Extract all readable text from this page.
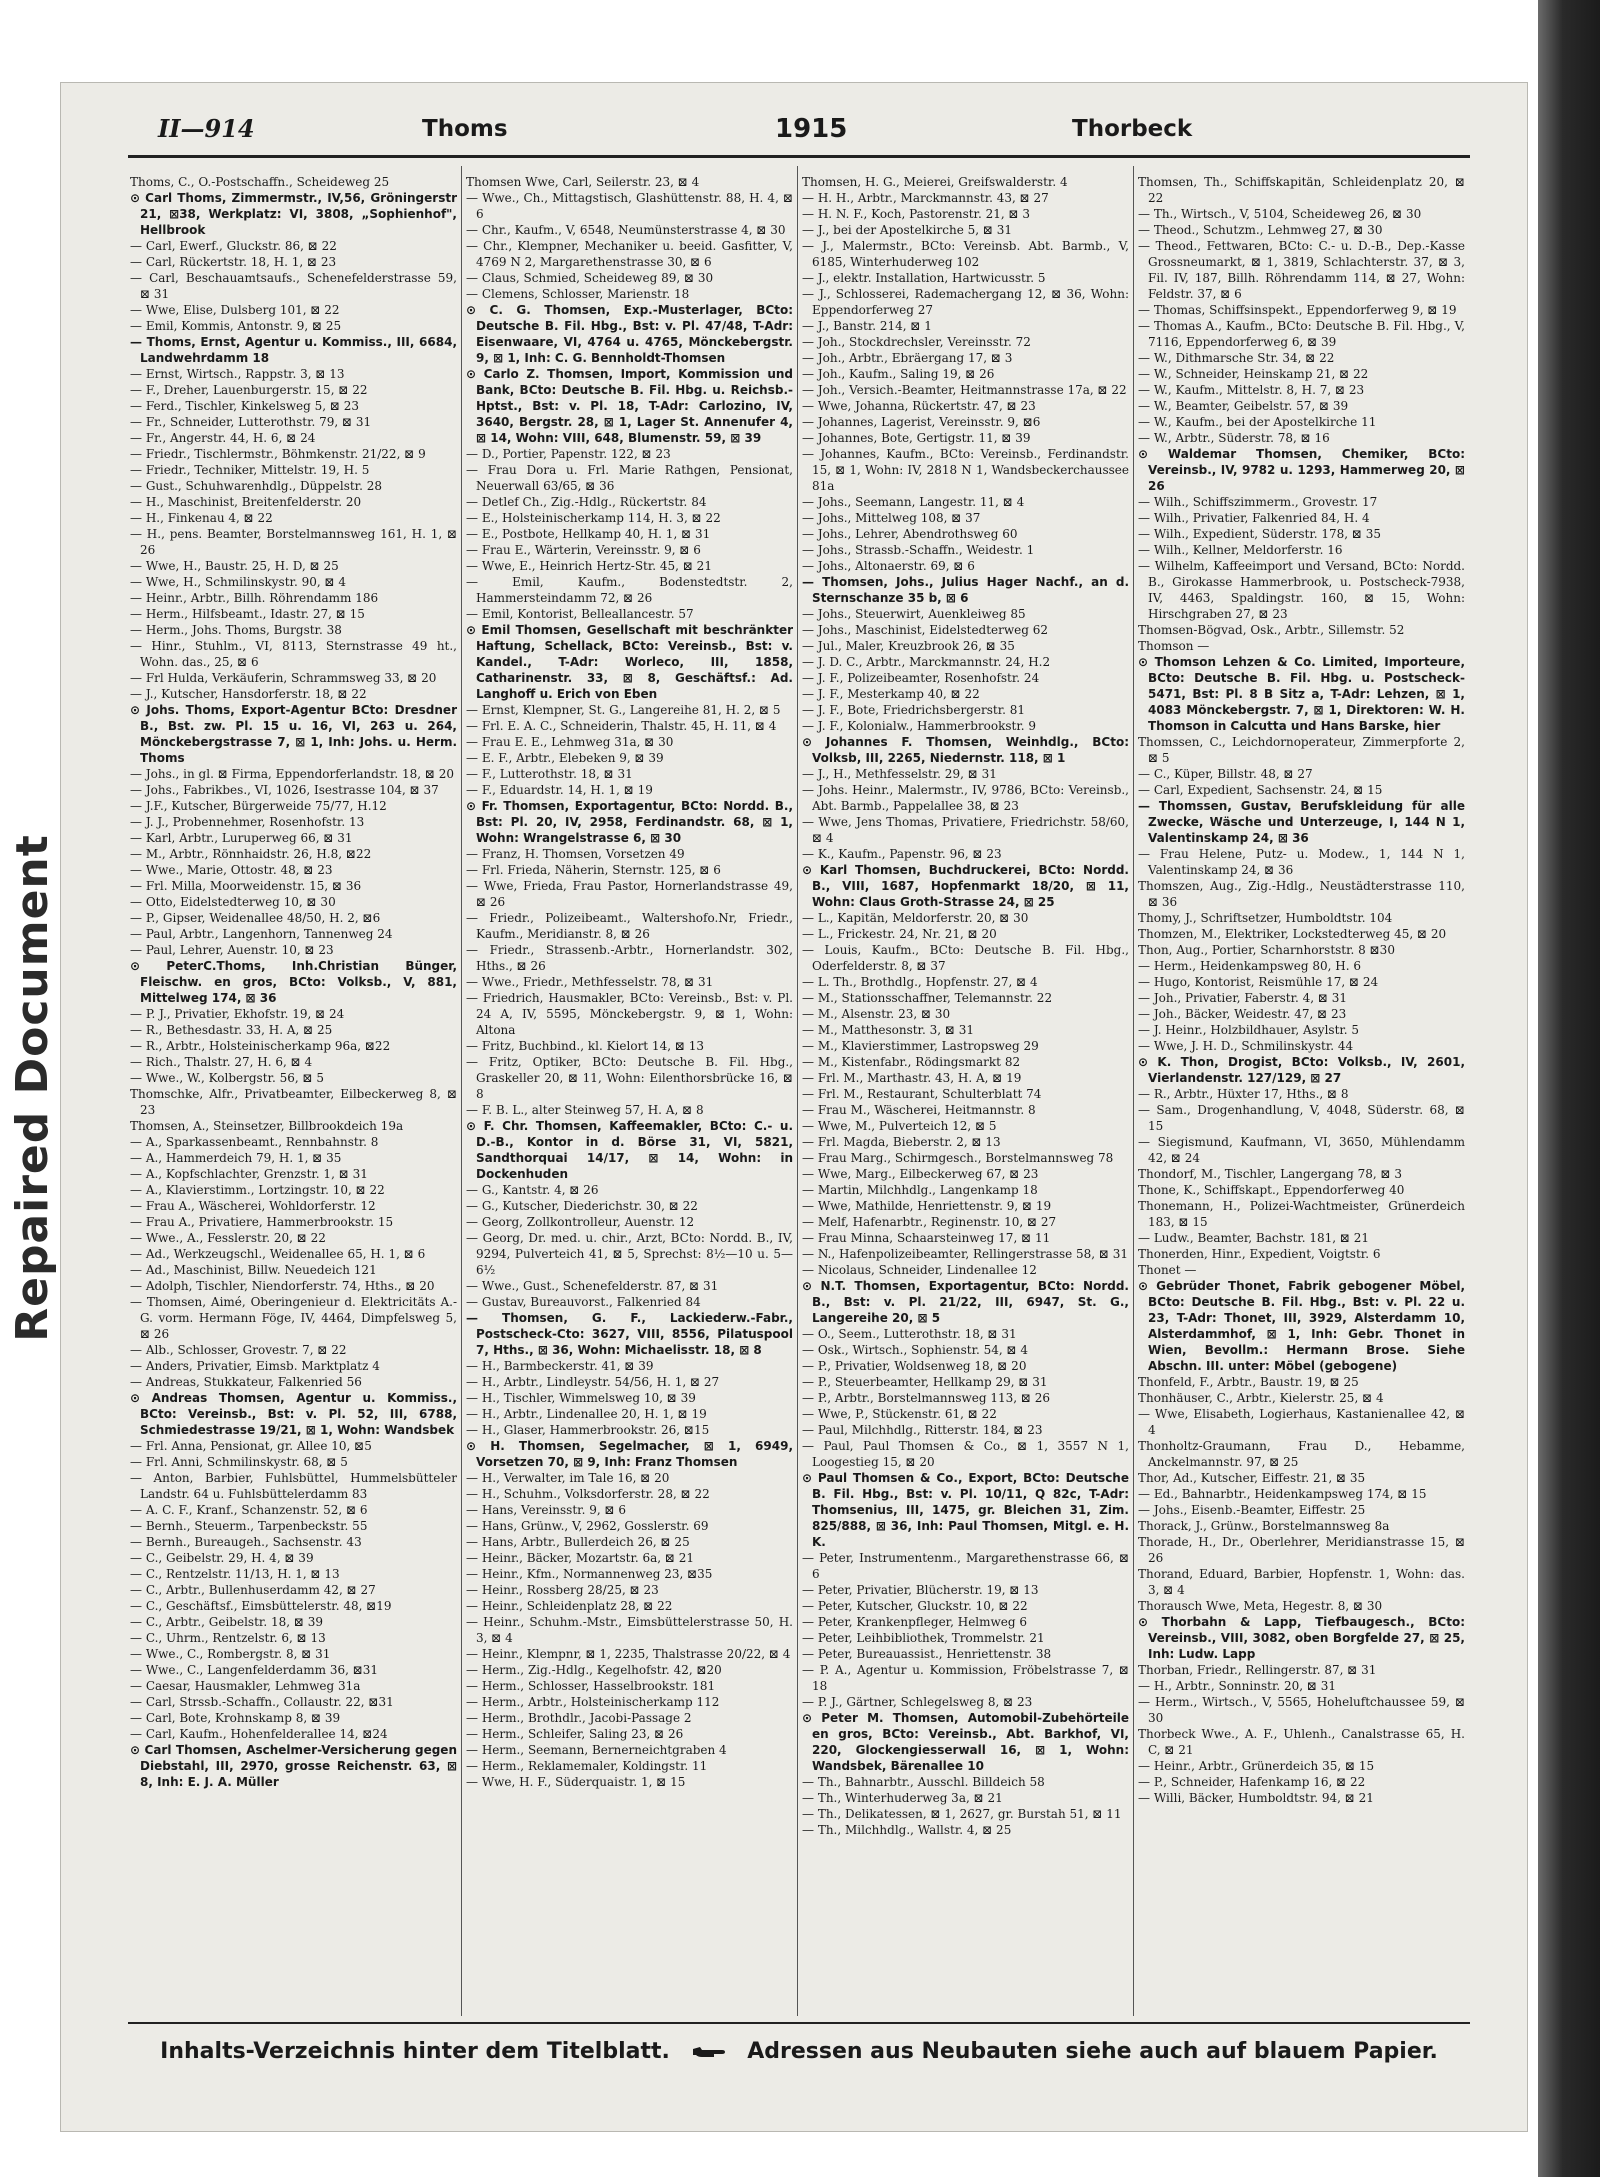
Repaired Document
II—914	Thoms	1915	Thorbeck

Thoms, C., O.-Postschaffn., Scheideweg 25

⊙ Carl Thoms, Zimmermstr., IV,56, Gröningerstr 21, ⊠38, Werkplatz: VI, 3808, „Sophienhof", Hellbrook

— Carl, Ewerf., Gluckstr. 86, ⊠ 22

— Carl, Rückertstr. 18, H. 1, ⊠ 23

— Carl, Beschauamtsaufs., Schenefelderstrasse 59, ⊠ 31

— Wwe, Elise, Dulsberg 101, ⊠ 22

— Emil, Kommis, Antonstr. 9, ⊠ 25

— Thoms, Ernst, Agentur u. Kommiss., III, 6684, Landwehrdamm 18

— Ernst, Wirtsch., Rappstr. 3, ⊠ 13

— F., Dreher, Lauenburgerstr. 15, ⊠ 22

— Ferd., Tischler, Kinkelsweg 5, ⊠ 23

— Fr., Schneider, Lutterothstr. 79, ⊠ 31

— Fr., Angerstr. 44, H. 6, ⊠ 24

— Friedr., Tischlermstr., Böhmkenstr. 21/22, ⊠ 9

— Friedr., Techniker, Mittelstr. 19, H. 5

— Gust., Schuhwarenhdlg., Düppelstr. 28

— H., Maschinist, Breitenfelderstr. 20

— H., Finkenau 4, ⊠ 22

— H., pens. Beamter, Borstelmannsweg 161, H. 1, ⊠ 26

— Wwe, H., Baustr. 25, H. D, ⊠ 25

— Wwe, H., Schmilinskystr. 90, ⊠ 4

— Heinr., Arbtr., Billh. Röhrendamm 186

— Herm., Hilfsbeamt., Idastr. 27, ⊠ 15

— Herm., Johs. Thoms, Burgstr. 38

— Hinr., Stuhlm., VI, 8113, Sternstrasse 49 ht., Wohn. das., 25, ⊠ 6

— Frl Hulda, Verkäuferin, Schrammsweg 33, ⊠ 20

— J., Kutscher, Hansdorferstr. 18, ⊠ 22

⊙ Johs. Thoms, Export-Agentur BCto: Dresdner B., Bst. zw. Pl. 15 u. 16, VI, 263 u. 264, Mönckebergstrasse 7, ⊠ 1, Inh: Johs. u. Herm. Thoms

— Johs., in gl. ⊠ Firma, Eppendorferlandstr. 18, ⊠ 20

— Johs., Fabrikbes., VI, 1026, Isestrasse 104, ⊠ 37

— J.F., Kutscher, Bürgerweide 75/77, H.12

— J. J., Probennehmer, Rosenhofstr. 13

— Karl, Arbtr., Luruperweg 66, ⊠ 31

— M., Arbtr., Rönnhaidstr. 26, H.8, ⊠22

— Wwe., Marie, Ottostr. 48, ⊠ 23

— Frl. Milla, Moorweidenstr. 15, ⊠ 36

— Otto, Eidelstedterweg 10, ⊠ 30

— P., Gipser, Weidenallee 48/50, H. 2, ⊠6

— Paul, Arbtr., Langenhorn, Tannenweg 24

— Paul, Lehrer, Auenstr. 10, ⊠ 23

⊙ PeterC.Thoms, Inh.Christian Bünger, Fleischw. en gros, BCto: Volksb., V, 881, Mittelweg 174, ⊠ 36

— P. J., Privatier, Ekhofstr. 19, ⊠ 24

— R., Bethesdastr. 33, H. A, ⊠ 25

— R., Arbtr., Holsteinischerkamp 96a, ⊠22

— Rich., Thalstr. 27, H. 6, ⊠ 4

— Wwe., W., Kolbergstr. 56, ⊠ 5

Thomschke, Alfr., Privatbeamter, Eilbeckerweg 8, ⊠ 23

Thomsen, A., Steinsetzer, Billbrookdeich 19a

— A., Sparkassenbeamt., Rennbahnstr. 8

— A., Hammerdeich 79, H. 1, ⊠ 35

— A., Kopfschlachter, Grenzstr. 1, ⊠ 31

— A., Klavierstimm., Lortzingstr. 10, ⊠ 22

— Frau A., Wäscherei, Wohldorferstr. 12

— Frau A., Privatiere, Hammerbrookstr. 15

— Wwe., A., Fesslerstr. 20, ⊠ 22

— Ad., Werkzeugschl., Weidenallee 65, H. 1, ⊠ 6

— Ad., Maschinist, Billw. Neuedeich 121

— Adolph, Tischler, Niendorferstr. 74, Hths., ⊠ 20

— Thomsen, Aimé, Oberingenieur d. Elektricitäts A.-G. vorm. Hermann Föge, IV, 4464, Dimpfelsweg 5, ⊠ 26

— Alb., Schlosser, Grovestr. 7, ⊠ 22

— Anders, Privatier, Eimsb. Marktplatz 4

— Andreas, Stukkateur, Falkenried 56

⊙ Andreas Thomsen, Agentur u. Kommiss., BCto: Vereinsb., Bst: v. Pl. 52, III, 6788, Schmiedestrasse 19/21, ⊠ 1, Wohn: Wandsbek

— Frl. Anna, Pensionat, gr. Allee 10, ⊠5

— Frl. Anni, Schmilinskystr. 68, ⊠ 5

— Anton, Barbier, Fuhlsbüttel, Hummelsbütteler Landstr. 64 u. Fuhlsbüttelerdamm 83

— A. C. F., Kranf., Schanzenstr. 52, ⊠ 6

— Bernh., Steuerm., Tarpenbeckstr. 55

— Bernh., Bureaugeh., Sachsenstr. 43

— C., Geibelstr. 29, H. 4, ⊠ 39

— C., Rentzelstr. 11/13, H. 1, ⊠ 13

— C., Arbtr., Bullenhuserdamm 42, ⊠ 27

— C., Geschäftsf., Eimsbüttelerstr. 48, ⊠19

— C., Arbtr., Geibelstr. 18, ⊠ 39

— C., Uhrm., Rentzelstr. 6, ⊠ 13

— Wwe., C., Rombergstr. 8, ⊠ 31

— Wwe., C., Langenfelderdamm 36, ⊠31

— Caesar, Hausmakler, Lehmweg 31a

— Carl, Strssb.-Schaffn., Collaustr. 22, ⊠31

— Carl, Bote, Krohnskamp 8, ⊠ 39

— Carl, Kaufm., Hohenfelderallee 14, ⊠24

⊙ Carl Thomsen, Aschelmer-Versicherung gegen Diebstahl, III, 2970, grosse Reichenstr. 63, ⊠ 8, Inh: E. J. A. Müller

Thomsen Wwe, Carl, Seilerstr. 23, ⊠ 4

— Wwe., Ch., Mittagstisch, Glashüttenstr. 88, H. 4, ⊠ 6

— Chr., Kaufm., V, 6548, Neumünsterstrasse 4, ⊠ 30

— Chr., Klempner, Mechaniker u. beeid. Gasfitter, V, 4769 N 2, Margarethenstrasse 30, ⊠ 6

— Claus, Schmied, Scheideweg 89, ⊠ 30

— Clemens, Schlosser, Marienstr. 18

⊙ C. G. Thomsen, Exp.-Musterlager, BCto: Deutsche B. Fil. Hbg., Bst: v. Pl. 47/48, T-Adr: Eisenwaare, VI, 4764 u. 4765, Mönckebergstr. 9, ⊠ 1, Inh: C. G. Bennholdt-Thomsen

⊙ Carlo Z. Thomsen, Import, Kommission und Bank, BCto: Deutsche B. Fil. Hbg. u. Reichsb.-Hptst., Bst: v. Pl. 18, T-Adr: Carlozino, IV, 3640, Bergstr. 28, ⊠ 1, Lager St. Annenufer 4, ⊠ 14, Wohn: VIII, 648, Blumenstr. 59, ⊠ 39

— D., Portier, Papenstr. 122, ⊠ 23

— Frau Dora u. Frl. Marie Rathgen, Pensionat, Neuerwall 63/65, ⊠ 36

— Detlef Ch., Zig.-Hdlg., Rückertstr. 84

— E., Holsteinischerkamp 114, H. 3, ⊠ 22

— E., Postbote, Hellkamp 40, H. 1, ⊠ 31

— Frau E., Wärterin, Vereinsstr. 9, ⊠ 6

— Wwe, E., Heinrich Hertz-Str. 45, ⊠ 21

— Emil, Kaufm., Bodenstedtstr. 2, Hammersteindamm 72, ⊠ 26

— Emil, Kontorist, Belleallancestr. 57

⊙ Emil Thomsen, Gesellschaft mit beschränkter Haftung, Schellack, BCto: Vereinsb., Bst: v. Kandel., T-Adr: Worleco, III, 1858, Catharinenstr. 33, ⊠ 8, Geschäftsf.: Ad. Langhoff u. Erich von Eben

— Ernst, Klempner, St. G., Langereihe 81, H. 2, ⊠ 5

— Frl. E. A. C., Schneiderin, Thalstr. 45, H. 11, ⊠ 4

— Frau E. E., Lehmweg 31a, ⊠ 30

— E. F., Arbtr., Elebeken 9, ⊠ 39

— F., Lutterothstr. 18, ⊠ 31

— F., Eduardstr. 14, H. 1, ⊠ 19

⊙ Fr. Thomsen, Exportagentur, BCto: Nordd. B., Bst: Pl. 20, IV, 2958, Ferdinandstr. 68, ⊠ 1, Wohn: Wrangelstrasse 6, ⊠ 30

— Franz, H. Thomsen, Vorsetzen 49

— Frl. Frieda, Näherin, Sternstr. 125, ⊠ 6

— Wwe, Frieda, Frau Pastor, Hornerlandstrasse 49, ⊠ 26

— Friedr., Polizeibeamt., Waltershofo.Nr, Friedr., Kaufm., Meridianstr. 8, ⊠ 26

— Friedr., Strassenb.-Arbtr., Hornerlandstr. 302, Hths., ⊠ 26

— Wwe., Friedr., Methfesselstr. 78, ⊠ 31

— Friedrich, Hausmakler, BCto: Vereinsb., Bst: v. Pl. 24 A, IV, 5595, Mönckebergstr. 9, ⊠ 1, Wohn: Altona

— Fritz, Buchbind., kl. Kielort 14, ⊠ 13

— Fritz, Optiker, BCto: Deutsche B. Fil. Hbg., Graskeller 20, ⊠ 11, Wohn: Eilenthorsbrücke 16, ⊠ 8

— F. B. L., alter Steinweg 57, H. A, ⊠ 8

⊙ F. Chr. Thomsen, Kaffeemakler, BCto: C.- u. D.-B., Kontor in d. Börse 31, VI, 5821, Sandthorquai 14/17, ⊠ 14, Wohn: in Dockenhuden

— G., Kantstr. 4, ⊠ 26

— G., Kutscher, Diederichstr. 30, ⊠ 22

— Georg, Zollkontrolleur, Auenstr. 12

— Georg, Dr. med. u. chir., Arzt, BCto: Nordd. B., IV, 9294, Pulverteich 41, ⊠ 5, Sprechst: 8½—10 u. 5—6½

— Wwe., Gust., Schenefelderstr. 87, ⊠ 31

— Gustav, Bureauvorst., Falkenried 84

— Thomsen, G. F., Lackiederw.-Fabr., Postscheck-Cto: 3627, VIII, 8556, Pilatuspool 7, Hths., ⊠ 36, Wohn: Michaelisstr. 18, ⊠ 8

— H., Barmbeckerstr. 41, ⊠ 39

— H., Arbtr., Lindleystr. 54/56, H. 1, ⊠ 27

— H., Tischler, Wimmelsweg 10, ⊠ 39

— H., Arbtr., Lindenallee 20, H. 1, ⊠ 19

— H., Glaser, Hammerbrookstr. 26, ⊠15

⊙ H. Thomsen, Segelmacher, ⊠ 1, 6949, Vorsetzen 70, ⊠ 9, Inh: Franz Thomsen

— H., Verwalter, im Tale 16, ⊠ 20

— H., Schuhm., Volksdorferstr. 28, ⊠ 22

— Hans, Vereinsstr. 9, ⊠ 6

— Hans, Grünw., V, 2962, Gosslerstr. 69

— Hans, Arbtr., Bullerdeich 26, ⊠ 25

— Heinr., Bäcker, Mozartstr. 6a, ⊠ 21

— Heinr., Kfm., Normannenweg 23, ⊠35

— Heinr., Rossberg 28/25, ⊠ 23

— Heinr., Schleidenplatz 28, ⊠ 22

— Heinr., Schuhm.-Mstr., Eimsbüttelerstrasse 50, H. 3, ⊠ 4

— Heinr., Klempnr, ⊠ 1, 2235, Thalstrasse 20/22, ⊠ 4

— Herm., Zig.-Hdlg., Kegelhofstr. 42, ⊠20

— Herm., Schlosser, Hasselbrookstr. 181

— Herm., Arbtr., Holsteinischerkamp 112

— Herm., Brothdlr., Jacobi-Passage 2

— Herm., Schleifer, Saling 23, ⊠ 26

— Herm., Seemann, Bernerneichtgraben 4

— Herm., Reklamemaler, Koldingstr. 11

— Wwe, H. F., Süderquaistr. 1, ⊠ 15

Thomsen, H. G., Meierei, Greifswalderstr. 4

— H. H., Arbtr., Marckmannstr. 43, ⊠ 27

— H. N. F., Koch, Pastorenstr. 21, ⊠ 3

— J., bei der Apostelkirche 5, ⊠ 31

— J., Malermstr., BCto: Vereinsb. Abt. Barmb., V, 6185, Winterhuderweg 102

— J., elektr. Installation, Hartwicusstr. 5

— J., Schlosserei, Rademachergang 12, ⊠ 36, Wohn: Eppendorferweg 27

— J., Banstr. 214, ⊠ 1

— Joh., Stockdrechsler, Vereinsstr. 72

— Joh., Arbtr., Ebräergang 17, ⊠ 3

— Joh., Kaufm., Saling 19, ⊠ 26

— Joh., Versich.-Beamter, Heitmannstrasse 17a, ⊠ 22

— Wwe, Johanna, Rückertstr. 47, ⊠ 23

— Johannes, Lagerist, Vereinsstr. 9, ⊠6

— Johannes, Bote, Gertigstr. 11, ⊠ 39

— Johannes, Kaufm., BCto: Vereinsb., Ferdinandstr. 15, ⊠ 1, Wohn: IV, 2818 N 1, Wandsbeckerchaussee 81a

— Johs., Seemann, Langestr. 11, ⊠ 4

— Johs., Mittelweg 108, ⊠ 37

— Johs., Lehrer, Abendrothsweg 60

— Johs., Strassb.-Schaffn., Weidestr. 1

— Johs., Altonaerstr. 69, ⊠ 6

— Thomsen, Johs., Julius Hager Nachf., an d. Sternschanze 35 b, ⊠ 6

— Johs., Steuerwirt, Auenkleiweg 85

— Johs., Maschinist, Eidelstedterweg 62

— Jul., Maler, Kreuzbrook 26, ⊠ 35

— J. D. C., Arbtr., Marckmannstr. 24, H.2

— J. F., Polizeibeamter, Rosenhofstr. 24

— J. F., Mesterkamp 40, ⊠ 22

— J. F., Bote, Friedrichsbergerstr. 81

— J. F., Kolonialw., Hammerbrookstr. 9

⊙ Johannes F. Thomsen, Weinhdlg., BCto: Volksb, III, 2265, Niedernstr. 118, ⊠ 1

— J., H., Methfesselstr. 29, ⊠ 31

— Johs. Heinr., Malermstr., IV, 9786, BCto: Vereinsb., Abt. Barmb., Pappelallee 38, ⊠ 23

— Wwe, Jens Thomas, Privatiere, Friedrichstr. 58/60, ⊠ 4

— K., Kaufm., Papenstr. 96, ⊠ 23

⊙ Karl Thomsen, Buchdruckerei, BCto: Nordd. B., VIII, 1687, Hopfenmarkt 18/20, ⊠ 11, Wohn: Claus Groth-Strasse 24, ⊠ 25

— L., Kapitän, Meldorferstr. 20, ⊠ 30

— L., Frickestr. 24, Nr. 21, ⊠ 20

— Louis, Kaufm., BCto: Deutsche B. Fil. Hbg., Oderfelderstr. 8, ⊠ 37

— L. Th., Brothdlg., Hopfenstr. 27, ⊠ 4

— M., Stationsschaffner, Telemannstr. 22

— M., Alsenstr. 23, ⊠ 30

— M., Matthesonstr. 3, ⊠ 31

— M., Klavierstimmer, Lastropsweg 29

— M., Kistenfabr., Rödingsmarkt 82

— Frl. M., Marthastr. 43, H. A, ⊠ 19

— Frl. M., Restaurant, Schulterblatt 74

— Frau M., Wäscherei, Heitmannstr. 8

— Wwe, M., Pulverteich 12, ⊠ 5

— Frl. Magda, Bieberstr. 2, ⊠ 13

— Frau Marg., Schirmgesch., Borstelmannsweg 78

— Wwe, Marg., Eilbeckerweg 67, ⊠ 23

— Martin, Milchhdlg., Langenkamp 18

— Wwe, Mathilde, Henriettenstr. 9, ⊠ 19

— Melf, Hafenarbtr., Reginenstr. 10, ⊠ 27

— Frau Minna, Schaarsteinweg 17, ⊠ 11

— N., Hafenpolizeibeamter, Rellingerstrasse 58, ⊠ 31

— Nicolaus, Schneider, Lindenallee 12

⊙ N.T. Thomsen, Exportagentur, BCto: Nordd. B., Bst: v. Pl. 21/22, III, 6947, St. G., Langereihe 20, ⊠ 5

— O., Seem., Lutterothstr. 18, ⊠ 31

— Osk., Wirtsch., Sophienstr. 54, ⊠ 4

— P., Privatier, Woldsenweg 18, ⊠ 20

— P., Steuerbeamter, Hellkamp 29, ⊠ 31

— P., Arbtr., Borstelmannsweg 113, ⊠ 26

— Wwe, P., Stückenstr. 61, ⊠ 22

— Paul, Milchhdlg., Ritterstr. 184, ⊠ 23

— Paul, Paul Thomsen & Co., ⊠ 1, 3557 N 1, Loogestieg 15, ⊠ 20

⊙ Paul Thomsen & Co., Export, BCto: Deutsche B. Fil. Hbg., Bst: v. Pl. 10/11, Q 82c, T-Adr: Thomsenius, III, 1475, gr. Bleichen 31, Zim. 825/888, ⊠ 36, Inh: Paul Thomsen, Mitgl. e. H. K.

— Peter, Instrumentenm., Margarethenstrasse 66, ⊠ 6

— Peter, Privatier, Blücherstr. 19, ⊠ 13

— Peter, Kutscher, Gluckstr. 10, ⊠ 22

— Peter, Krankenpfleger, Helmweg 6

— Peter, Leihbibliothek, Trommelstr. 21

— Peter, Bureauassist., Henriettenstr. 38

— P. A., Agentur u. Kommission, Fröbelstrasse 7, ⊠ 18

— P. J., Gärtner, Schlegelsweg 8, ⊠ 23

⊙ Peter M. Thomsen, Automobil-Zubehörteile en gros, BCto: Vereinsb., Abt. Barkhof, VI, 220, Glockengiesserwall 16, ⊠ 1, Wohn: Wandsbek, Bärenallee 10

— Th., Bahnarbtr., Ausschl. Billdeich 58

— Th., Winterhuderweg 3a, ⊠ 21

— Th., Delikatessen, ⊠ 1, 2627, gr. Burstah 51, ⊠ 11

— Th., Milchhdlg., Wallstr. 4, ⊠ 25

Thomsen, Th., Schiffskapitän, Schleidenplatz 20, ⊠ 22

— Th., Wirtsch., V, 5104, Scheideweg 26, ⊠ 30

— Theod., Schutzm., Lehmweg 27, ⊠ 30

— Theod., Fettwaren, BCto: C.- u. D.-B., Dep.-Kasse Grossneumarkt, ⊠ 1, 3819, Schlachterstr. 37, ⊠ 3, Fil. IV, 187, Billh. Röhrendamm 114, ⊠ 27, Wohn: Feldstr. 37, ⊠ 6

— Thomas, Schiffsinspekt., Eppendorferweg 9, ⊠ 19

— Thomas A., Kaufm., BCto: Deutsche B. Fil. Hbg., V, 7116, Eppendorferweg 6, ⊠ 39

— W., Dithmarsche Str. 34, ⊠ 22

— W., Schneider, Heinskamp 21, ⊠ 22

— W., Kaufm., Mittelstr. 8, H. 7, ⊠ 23

— W., Beamter, Geibelstr. 57, ⊠ 39

— W., Kaufm., bei der Apostelkirche 11

— W., Arbtr., Süderstr. 78, ⊠ 16

⊙ Waldemar Thomsen, Chemiker, BCto: Vereinsb., IV, 9782 u. 1293, Hammerweg 20, ⊠ 26

— Wilh., Schiffszimmerm., Grovestr. 17

— Wilh., Privatier, Falkenried 84, H. 4

— Wilh., Expedient, Süderstr. 178, ⊠ 35

— Wilh., Kellner, Meldorferstr. 16

— Wilhelm, Kaffeeimport und Versand, BCto: Nordd. B., Girokasse Hammerbrook, u. Postscheck-7938, IV, 4463, Spaldingstr. 160, ⊠ 15, Wohn: Hirschgraben 27, ⊠ 23

Thomsen-Bögvad, Osk., Arbtr., Sillemstr. 52

Thomson —

⊙ Thomson Lehzen & Co. Limited, Importeure, BCto: Deutsche B. Fil. Hbg. u. Postscheck-5471, Bst: Pl. 8 B Sitz a, T-Adr: Lehzen, ⊠ 1, 4083 Mönckebergstr. 7, ⊠ 1, Direktoren: W. H. Thomson in Calcutta und Hans Barske, hier

Thomssen, C., Leichdornoperateur, Zimmerpforte 2, ⊠ 5

— C., Küper, Billstr. 48, ⊠ 27

— Carl, Expedient, Sachsenstr. 24, ⊠ 15

— Thomssen, Gustav, Berufskleidung für alle Zwecke, Wäsche und Unterzeuge, I, 144 N 1, Valentinskamp 24, ⊠ 36

— Frau Helene, Putz- u. Modew., 1, 144 N 1, Valentinskamp 24, ⊠ 36

Thomszen, Aug., Zig.-Hdlg., Neustädterstrasse 110, ⊠ 36

Thomy, J., Schriftsetzer, Humboldtstr. 104

Thomzen, M., Elektriker, Lockstedterweg 45, ⊠ 20

Thon, Aug., Portier, Scharnhorststr. 8 ⊠30

— Herm., Heidenkampsweg 80, H. 6

— Hugo, Kontorist, Reismühle 17, ⊠ 24

— Joh., Privatier, Faberstr. 4, ⊠ 31

— Joh., Bäcker, Weidestr. 47, ⊠ 23

— J. Heinr., Holzbildhauer, Asylstr. 5

— Wwe, J. H. D., Schmilinskystr. 44

⊙ K. Thon, Drogist, BCto: Volksb., IV, 2601, Vierlandenstr. 127/129, ⊠ 27

— R., Arbtr., Hüxter 17, Hths., ⊠ 8

— Sam., Drogenhandlung, V, 4048, Süderstr. 68, ⊠ 15

— Siegismund, Kaufmann, VI, 3650, Mühlendamm 42, ⊠ 24

Thondorf, M., Tischler, Langergang 78, ⊠ 3

Thone, K., Schiffskapt., Eppendorferweg 40

Thonemann, H., Polizei-Wachtmeister, Grünerdeich 183, ⊠ 15

— Ludw., Beamter, Bachstr. 181, ⊠ 21

Thonerden, Hinr., Expedient, Voigtstr. 6

Thonet —

⊙ Gebrüder Thonet, Fabrik gebogener Möbel, BCto: Deutsche B. Fil. Hbg., Bst: v. Pl. 22 u. 23, T-Adr: Thonet, III, 3929, Alsterdamm 10, Alsterdammhof, ⊠ 1, Inh: Gebr. Thonet in Wien, Bevollm.: Hermann Brose. Siehe Abschn. III. unter: Möbel (gebogene)

Thonfeld, F., Arbtr., Baustr. 19, ⊠ 25

Thonhäuser, C., Arbtr., Kielerstr. 25, ⊠ 4

— Wwe, Elisabeth, Logierhaus, Kastanienallee 42, ⊠ 4

Thonholtz-Graumann, Frau D., Hebamme, Anckelmannstr. 97, ⊠ 25

Thor, Ad., Kutscher, Eiffestr. 21, ⊠ 35

— Ed., Bahnarbtr., Heidenkampsweg 174, ⊠ 15

— Johs., Eisenb.-Beamter, Eiffestr. 25

Thorack, J., Grünw., Borstelmannsweg 8a

Thorade, H., Dr., Oberlehrer, Meridianstrasse 15, ⊠ 26

Thorand, Eduard, Barbier, Hopfenstr. 1, Wohn: das. 3, ⊠ 4

Thorausch Wwe, Meta, Hegestr. 8, ⊠ 30

⊙ Thorbahn & Lapp, Tiefbaugesch., BCto: Vereinsb., VIII, 3082, oben Borgfelde 27, ⊠ 25, Inh: Ludw. Lapp

Thorban, Friedr., Rellingerstr. 87, ⊠ 31

— H., Arbtr., Sonninstr. 20, ⊠ 31

— Herm., Wirtsch., V, 5565, Hoheluftchaussee 59, ⊠ 30

Thorbeck Wwe., A. F., Uhlenh., Canalstrasse 65, H. C, ⊠ 21

— Heinr., Arbtr., Grünerdeich 35, ⊠ 15

— P., Schneider, Hafenkamp 16, ⊠ 22

— Willi, Bäcker, Humboldtstr. 94, ⊠ 21

Inhalts-Verzeichnis hinter dem Titelblatt.	Adressen aus Neubauten siehe auch auf blauem Papier.
